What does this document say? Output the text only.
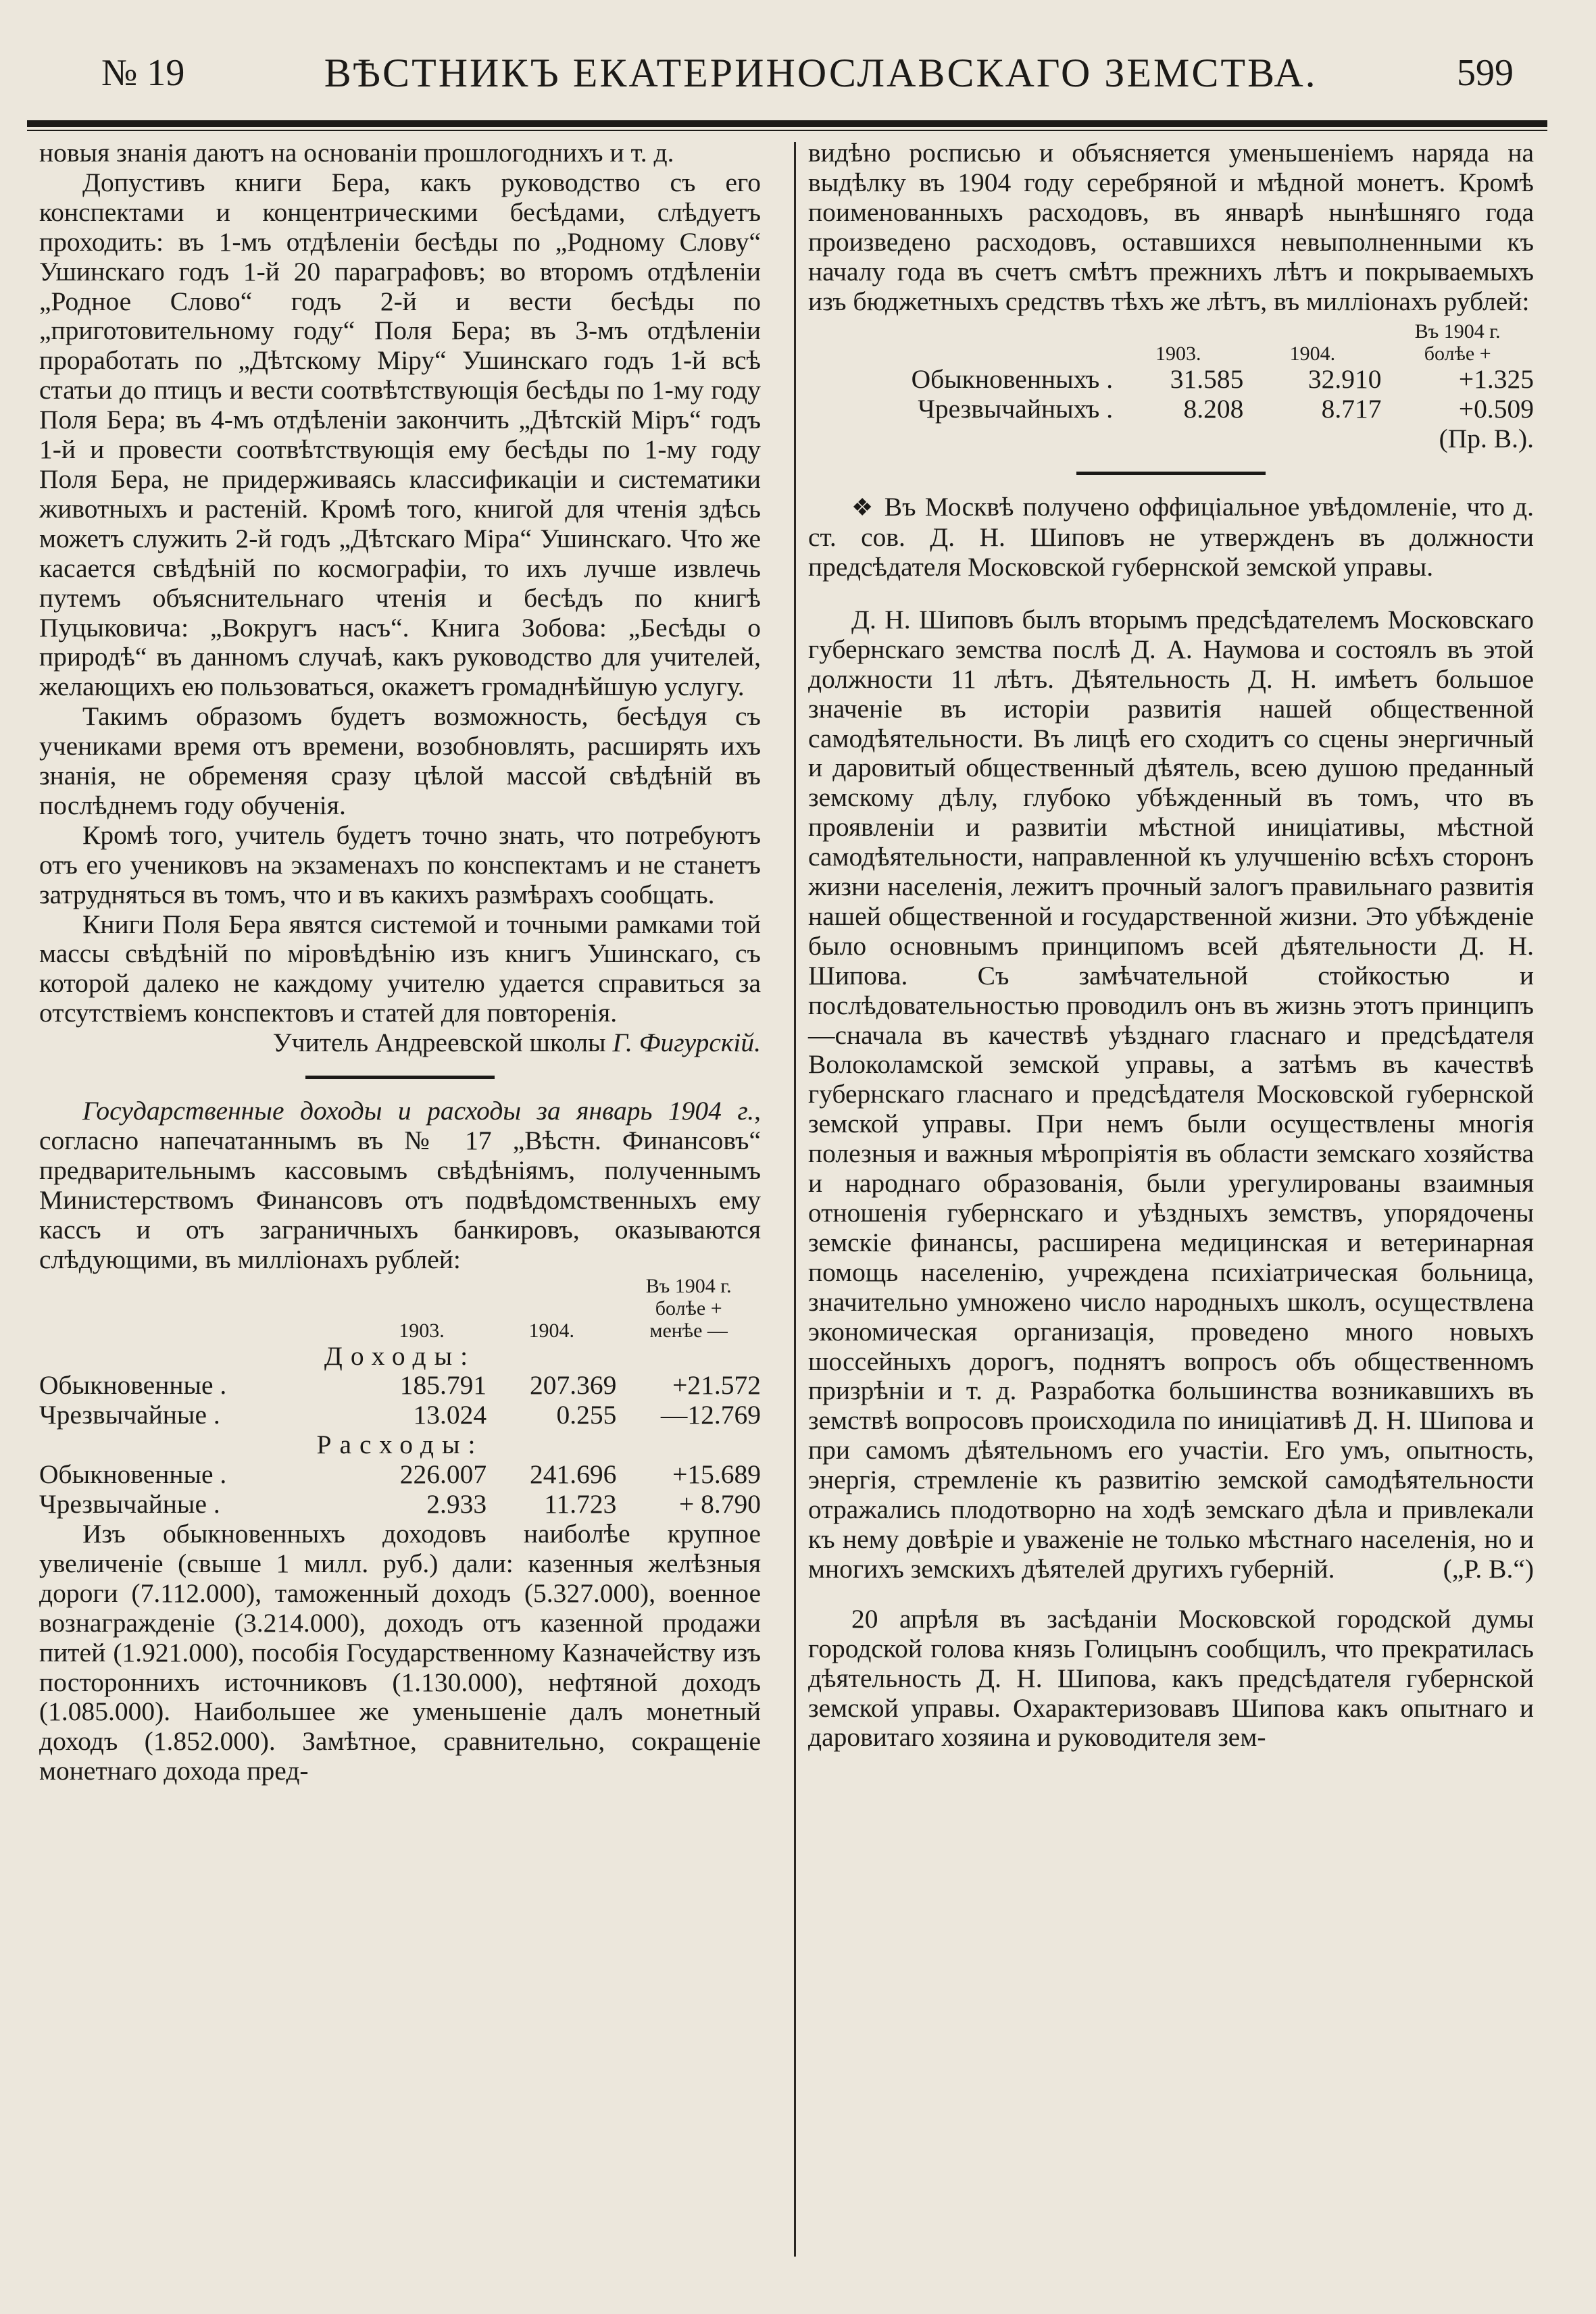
№ 19	ВѢСТНИКЪ ЕКАТЕРИНОСЛАВСКАГО ЗЕМСТВА.	599

новыя знанія даютъ на основаніи прошлогоднихъ и т. д.

Допустивъ книги Бера, какъ руководство съ его конспектами и концентрическими бесѣдами, слѣдуетъ проходить: въ 1-мъ отдѣленіи бесѣды по „Родному Слову“ Ушинскаго годъ 1-й 20 параграфовъ; во второмъ отдѣленіи „Родное Слово“ годъ 2-й и вести бесѣды по „приготовительному году“ Поля Бера; въ 3-мъ отдѣленіи проработать по „Дѣтскому Міру“ Ушинскаго годъ 1-й всѣ статьи до птицъ и вести соотвѣтствующія бесѣды по 1-му году Поля Бера; въ 4-мъ отдѣленіи закончить „Дѣтскій Міръ“ годъ 1-й и провести соотвѣтствующія ему бесѣды по 1-му году Поля Бера, не придерживаясь классификаціи и систематики животныхъ и растеній. Кромѣ того, книгой для чтенія здѣсь можетъ служить 2-й годъ „Дѣтскаго Міра“ Ушинскаго. Что же касается свѣдѣній по космографіи, то ихъ лучше извлечь путемъ объяснительнаго чтенія и бесѣдъ по книгѣ Пуцыковича: „Вокругъ насъ“. Книга Зобова: „Бесѣды о природѣ“ въ данномъ случаѣ, какъ руководство для учителей, желающихъ ею пользоваться, окажетъ громаднѣйшую услугу.

Такимъ образомъ будетъ возможность, бесѣдуя съ учениками время отъ времени, возобновлять, расширять ихъ знанія, не обременяя сразу цѣлой массой свѣдѣній въ послѣднемъ году обученія.

Кромѣ того, учитель будетъ точно знать, что потребуютъ отъ его учениковъ на экзаменахъ по конспектамъ и не станетъ затрудняться въ томъ, что и въ какихъ размѣрахъ сообщать.

Книги Поля Бера явятся системой и точными рамками той массы свѣдѣній по міровѣдѣнію изъ книгъ Ушинскаго, съ которой далеко не каждому учителю удается справиться за отсутствіемъ конспектовъ и статей для повторенія.

Учитель Андреевской школы Г. Фигурскій.

Государственные доходы и расходы за январь 1904 г., согласно напечатаннымъ въ № 17 „Вѣстн. Финансовъ“ предварительнымъ кассовымъ свѣдѣніямъ, полученнымъ Министерствомъ Финансовъ отъ подвѣдомственныхъ ему кассъ и отъ заграничныхъ банкировъ, оказываются слѣдующими, въ милліонахъ рублей:

	1903.	1904.	Въ 1904 г.
болѣе +
менѣе —

Доходы:			
Обыкновенные .	185.791	207.369	+21.572
Чрезвычайные .	13.024	0.255	—12.769
Расходы:			
Обыкновенные .	226.007	241.696	+15.689
Чрезвычайные .	2.933	11.723	+ 8.790

Изъ обыкновенныхъ доходовъ наиболѣе крупное увеличеніе (свыше 1 милл. руб.) дали: казенныя желѣзныя дороги (7.112.000), таможенный доходъ (5.327.000), военное вознагражденіе (3.214.000), доходъ отъ казенной продажи питей (1.921.000), пособія Государственному Казначейству изъ постороннихъ источниковъ (1.130.000), нефтяной доходъ (1.085.000). Наибольшее же уменьшеніе далъ монетный доходъ (1.852.000). Замѣтное, сравнительно, сокращеніе монетнаго дохода пред-

видѣно росписью и объясняется уменьшеніемъ наряда на выдѣлку въ 1904 году серебряной и мѣдной монетъ. Кромѣ поименованныхъ расходовъ, въ январѣ нынѣшняго года произведено расходовъ, оставшихся невыполненными къ началу года въ счетъ смѣтъ прежнихъ лѣтъ и покрываемыхъ изъ бюджетныхъ средствъ тѣхъ же лѣтъ, въ милліонахъ рублей:

	1903.	1904.	Въ 1904 г.
болѣе +

Обыкновенныхъ .	31.585	32.910	+1.325
Чрезвычайныхъ .	8.208	8.717	+0.509

(Пр. В.).

❖ Въ Москвѣ получено оффиціальное увѣдомленіе, что д. ст. сов. Д. Н. Шиповъ не утвержденъ въ должности предсѣдателя Московской губернской земской управы.

Д. Н. Шиповъ былъ вторымъ предсѣдателемъ Московскаго губернскаго земства послѣ Д. А. Наумова и состоялъ въ этой должности 11 лѣтъ. Дѣятельность Д. Н. имѣетъ большое значеніе въ исторіи развитія нашей общественной самодѣятельности. Въ лицѣ его сходитъ со сцены энергичный и даровитый общественный дѣятель, всею душою преданный земскому дѣлу, глубоко убѣжденный въ томъ, что въ проявленіи и развитіи мѣстной иниціативы, мѣстной самодѣятельности, направленной къ улучшенію всѣхъ сторонъ жизни населенія, лежитъ прочный залогъ правильнаго развитія нашей общественной и государственной жизни. Это убѣжденіе было основнымъ принципомъ всей дѣятельности Д. Н. Шипова. Съ замѣчательной стойкостью и послѣдовательностью проводилъ онъ въ жизнь этотъ принципъ—сначала въ качествѣ уѣзднаго гласнаго и предсѣдателя Волоколамской земской управы, а затѣмъ въ качествѣ губернскаго гласнаго и предсѣдателя Московской губернской земской управы. При немъ были осуществлены многія полезныя и важныя мѣропріятія въ области земскаго хозяйства и народнаго образованія, были урегулированы взаимныя отношенія губернскаго и уѣздныхъ земствъ, упорядочены земскіе финансы, расширена медицинская и ветеринарная помощь населенію, учреждена психіатрическая больница, значительно умножено число народныхъ школъ, осуществлена экономическая организація, проведено много новыхъ шоссейныхъ дорогъ, поднятъ вопросъ объ общественномъ призрѣніи и т. д. Разработка большинства возникавшихъ въ земствѣ вопросовъ происходила по иниціативѣ Д. Н. Шипова и при самомъ дѣятельномъ его участіи. Его умъ, опытность, энергія, стремленіе къ развитію земской самодѣятельности отражались плодотворно на ходѣ земскаго дѣла и привлекали къ нему довѣріе и уваженіе не только мѣстнаго населенія, но и многихъ земскихъ дѣятелей другихъ губерній.	(„Р. В.“)

20 апрѣля въ засѣданіи Московской городской думы городской голова князь Голицынъ сообщилъ, что прекратилась дѣятельность Д. Н. Шипова, какъ предсѣдателя губернской земской управы. Охарактеризовавъ Шипова какъ опытнаго и даровитаго хозяина и руководителя зем-
